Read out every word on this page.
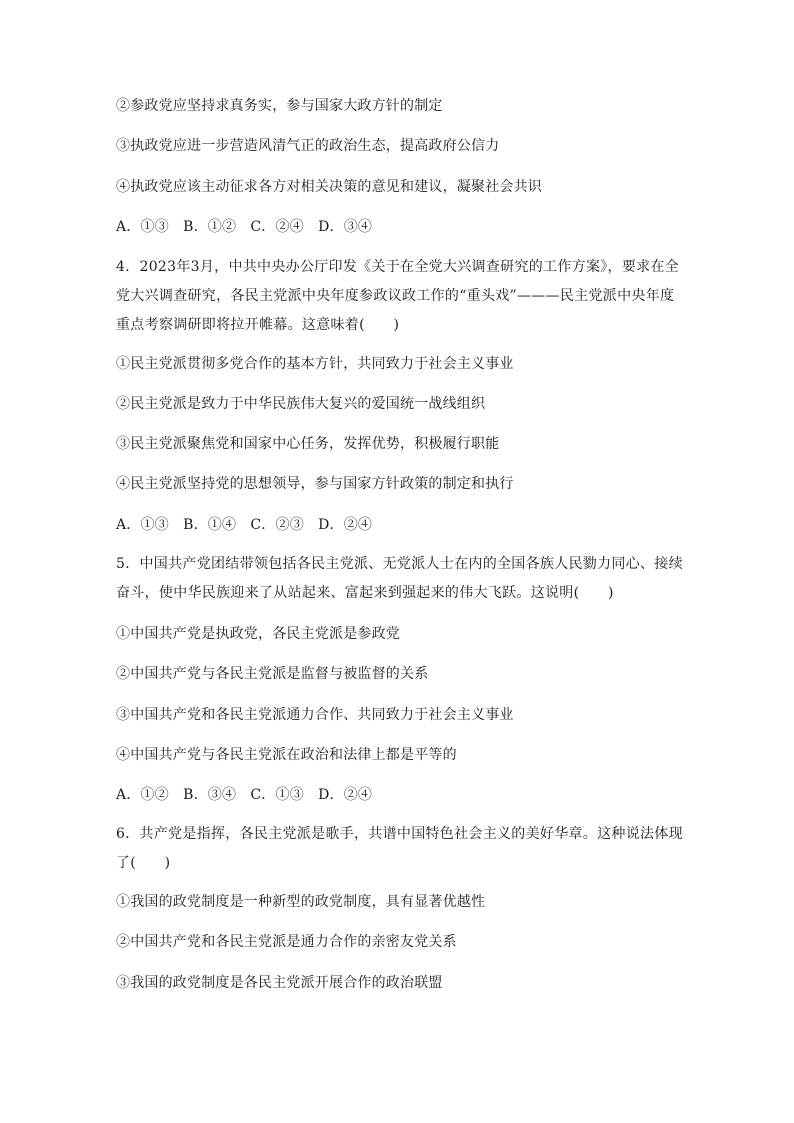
②参政党应坚持求真务实，参与国家大政方针的制定
③执政党应进一步营造风清气正的政治生态，提高政府公信力
④执政党应该主动征求各方对相关决策的意见和建议，凝聚社会共识
A．①③　B．①②　C．②④　D．③④
4．2023年3月，中共中央办公厅印发《关于在全党大兴调查研究的工作方案》，要求在全党大兴调查研究，各民主党派中央年度参政议政工作的“重头戏”———民主党派中央年度重点考察调研即将拉开帷幕。这意味着(　　)
①民主党派贯彻多党合作的基本方针，共同致力于社会主义事业
②民主党派是致力于中华民族伟大复兴的爱国统一战线组织
③民主党派聚焦党和国家中心任务，发挥优势，积极履行职能
④民主党派坚持党的思想领导，参与国家方针政策的制定和执行
A．①③　B．①④　C．②③　D．②④
5．中国共产党团结带领包括各民主党派、无党派人士在内的全国各族人民勠力同心、接续奋斗，使中华民族迎来了从站起来、富起来到强起来的伟大飞跃。这说明(　　)
①中国共产党是执政党，各民主党派是参政党
②中国共产党与各民主党派是监督与被监督的关系
③中国共产党和各民主党派通力合作、共同致力于社会主义事业
④中国共产党与各民主党派在政治和法律上都是平等的
A．①②　B．③④　C．①③　D．②④
6．共产党是指挥，各民主党派是歌手，共谱中国特色社会主义的美好华章。这种说法体现了(　　)
①我国的政党制度是一种新型的政党制度，具有显著优越性
②中国共产党和各民主党派是通力合作的亲密友党关系
③我国的政党制度是各民主党派开展合作的政治联盟
